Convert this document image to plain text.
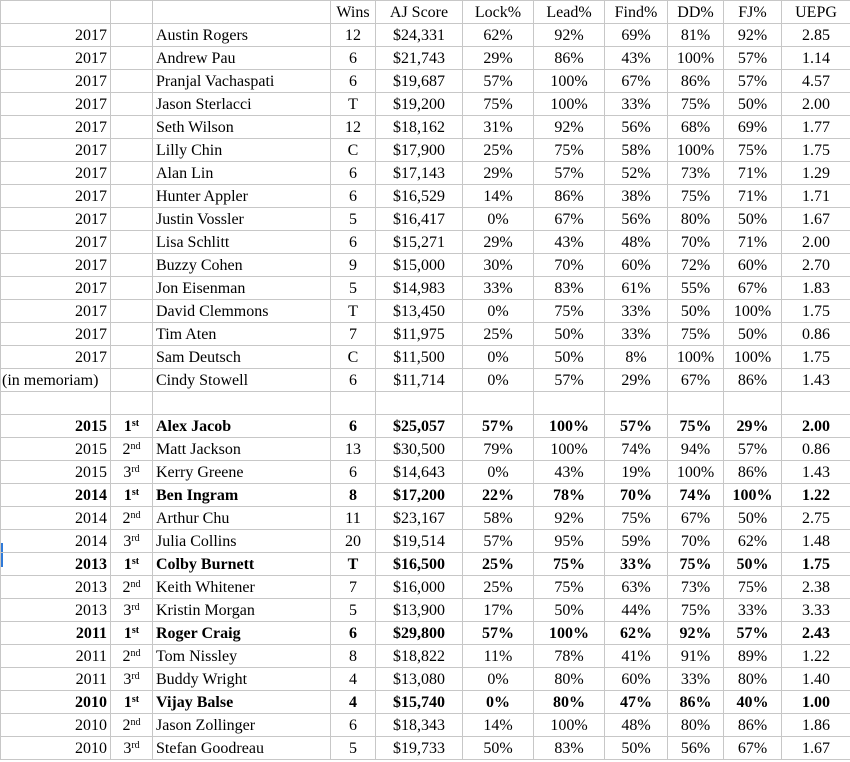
			Wins	AJ Score	Lock%	Lead%	Find%	DD%	FJ%	UEPG
2017		Austin Rogers	12	$24,331	62%	92%	69%	81%	92%	2.85
2017		Andrew Pau	6	$21,743	29%	86%	43%	100%	57%	1.14
2017		Pranjal Vachaspati	6	$19,687	57%	100%	67%	86%	57%	4.57
2017		Jason Sterlacci	T	$19,200	75%	100%	33%	75%	50%	2.00
2017		Seth Wilson	12	$18,162	31%	92%	56%	68%	69%	1.77
2017		Lilly Chin	C	$17,900	25%	75%	58%	100%	75%	1.75
2017		Alan Lin	6	$17,143	29%	57%	52%	73%	71%	1.29
2017		Hunter Appler	6	$16,529	14%	86%	38%	75%	71%	1.71
2017		Justin Vossler	5	$16,417	0%	67%	56%	80%	50%	1.67
2017		Lisa Schlitt	6	$15,271	29%	43%	48%	70%	71%	2.00
2017		Buzzy Cohen	9	$15,000	30%	70%	60%	72%	60%	2.70
2017		Jon Eisenman	5	$14,983	33%	83%	61%	55%	67%	1.83
2017		David Clemmons	T	$13,450	0%	75%	33%	50%	100%	1.75
2017		Tim Aten	7	$11,975	25%	50%	33%	75%	50%	0.86
2017		Sam Deutsch	C	$11,500	0%	50%	8%	100%	100%	1.75
(in memoriam)		Cindy Stowell	6	$11,714	0%	57%	29%	67%	86%	1.43

2015	1st	Alex Jacob	6	$25,057	57%	100%	57%	75%	29%	2.00
2015	2nd	Matt Jackson	13	$30,500	79%	100%	74%	94%	57%	0.86
2015	3rd	Kerry Greene	6	$14,643	0%	43%	19%	100%	86%	1.43
2014	1st	Ben Ingram	8	$17,200	22%	78%	70%	74%	100%	1.22
2014	2nd	Arthur Chu	11	$23,167	58%	92%	75%	67%	50%	2.75
2014	3rd	Julia Collins	20	$19,514	57%	95%	59%	70%	62%	1.48
2013	1st	Colby Burnett	T	$16,500	25%	75%	33%	75%	50%	1.75
2013	2nd	Keith Whitener	7	$16,000	25%	75%	63%	73%	75%	2.38
2013	3rd	Kristin Morgan	5	$13,900	17%	50%	44%	75%	33%	3.33
2011	1st	Roger Craig	6	$29,800	57%	100%	62%	92%	57%	2.43
2011	2nd	Tom Nissley	8	$18,822	11%	78%	41%	91%	89%	1.22
2011	3rd	Buddy Wright	4	$13,080	0%	80%	60%	33%	80%	1.40
2010	1st	Vijay Balse	4	$15,740	0%	80%	47%	86%	40%	1.00
2010	2nd	Jason Zollinger	6	$18,343	14%	100%	48%	80%	86%	1.86
2010	3rd	Stefan Goodreau	5	$19,733	50%	83%	50%	56%	67%	1.67
